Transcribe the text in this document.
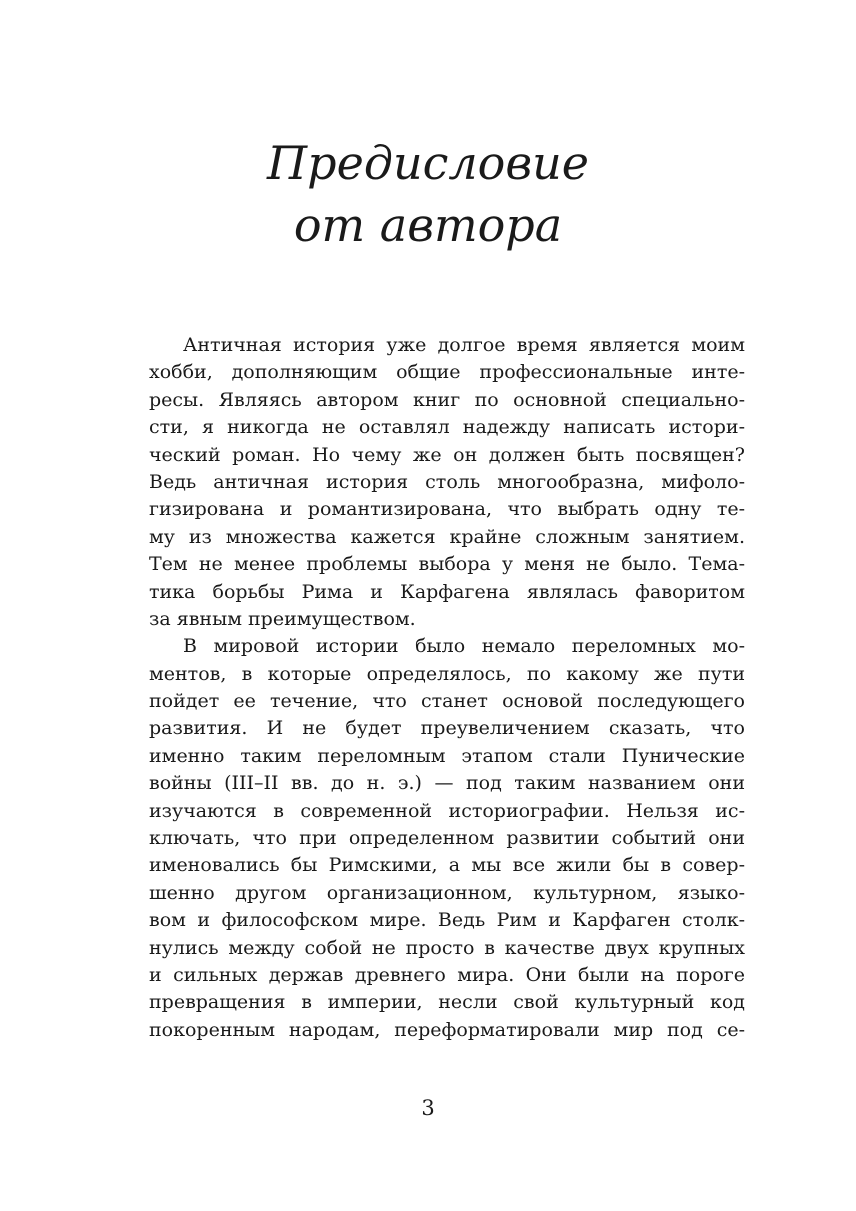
Предисловие
от автора
Античная история уже долгое время является моим
хобби, дополняющим общие профессиональные инте-
ресы. Являясь автором книг по основной специально-
сти, я никогда не оставлял надежду написать истори-
ческий роман. Но чему же он должен быть посвящен?
Ведь античная история столь многообразна, мифоло-
гизирована и романтизирована, что выбрать одну те-
му из множества кажется крайне сложным занятием.
Тем не менее проблемы выбора у меня не было. Тема-
тика борьбы Рима и Карфагена являлась фаворитом
за явным преимуществом.
В мировой истории было немало переломных мо-
ментов, в которые определялось, по какому же пути
пойдет ее течение, что станет основой последующего
развития. И не будет преувеличением сказать, что
именно таким переломным этапом стали Пунические
войны (III–II вв. до н. э.) — под таким названием они
изучаются в современной историографии. Нельзя ис-
ключать, что при определенном развитии событий они
именовались бы Римскими, а мы все жили бы в совер-
шенно другом организационном, культурном, языко-
вом и философском мире. Ведь Рим и Карфаген столк-
нулись между собой не просто в качестве двух крупных
и сильных держав древнего мира. Они были на пороге
превращения в империи, несли свой культурный код
покоренным народам, переформатировали мир под се-
3
